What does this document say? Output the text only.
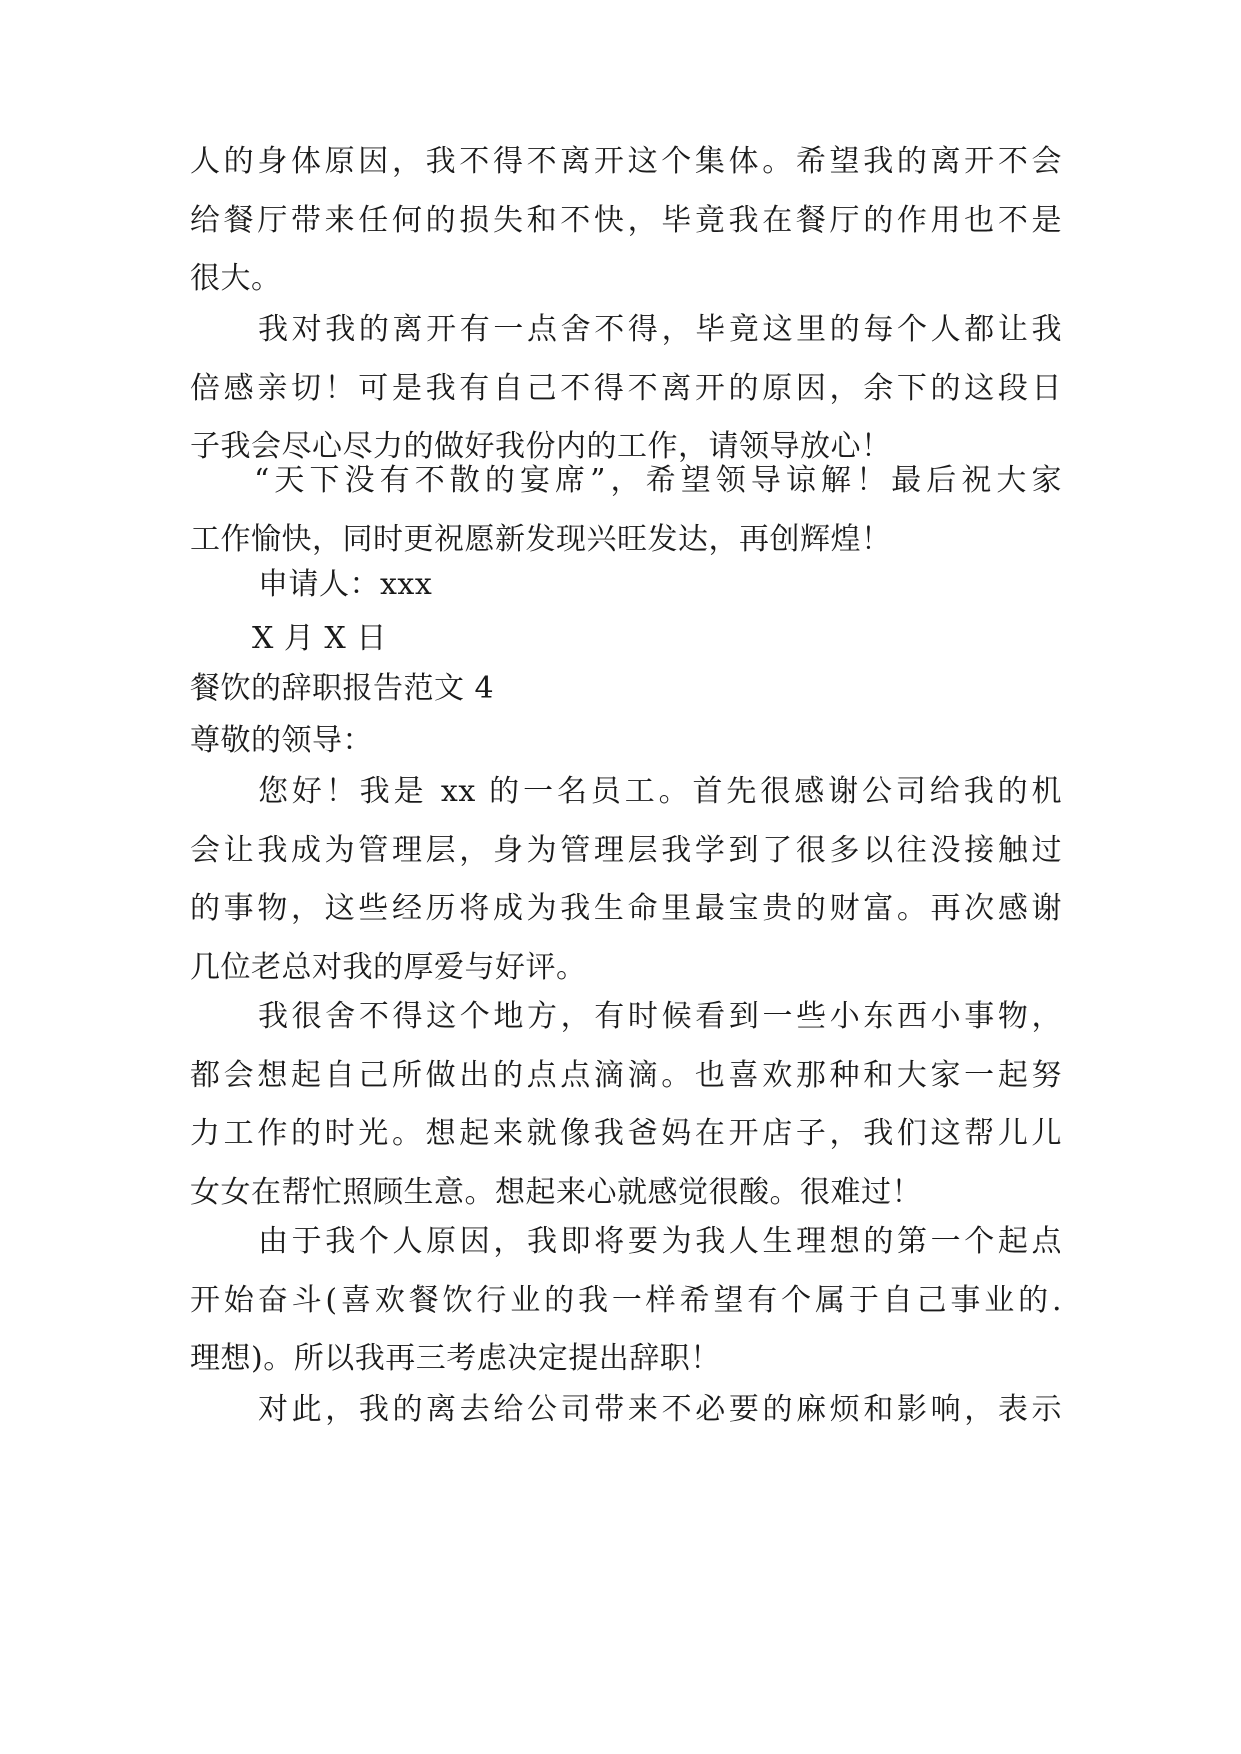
人的身体原因，我不得不离开这个集体。希望我的离开不会
给餐厅带来任何的损失和不快，毕竟我在餐厅的作用也不是
很大。
我对我的离开有一点舍不得，毕竟这里的每个人都让我
倍感亲切！可是我有自己不得不离开的原因，余下的这段日
子我会尽心尽力的做好我份内的工作，请领导放心！
“天下没有不散的宴席”，希望领导谅解！最后祝大家
工作愉快，同时更祝愿新发现兴旺发达，再创辉煌！
申请人：xxx
X 月 X 日
餐饮的辞职报告范文 4
尊敬的领导：
您好！我是 xx 的一名员工。首先很感谢公司给我的机
会让我成为管理层，身为管理层我学到了很多以往没接触过
的事物，这些经历将成为我生命里最宝贵的财富。再次感谢
几位老总对我的厚爱与好评。
我很舍不得这个地方，有时候看到一些小东西小事物，
都会想起自己所做出的点点滴滴。也喜欢那种和大家一起努
力工作的时光。想起来就像我爸妈在开店子，我们这帮儿儿
女女在帮忙照顾生意。想起来心就感觉很酸。很难过！
由于我个人原因，我即将要为我人生理想的第一个起点
开始奋斗(喜欢餐饮行业的我一样希望有个属于自己事业的.
理想)。所以我再三考虑决定提出辞职！
对此，我的离去给公司带来不必要的麻烦和影响，表示
